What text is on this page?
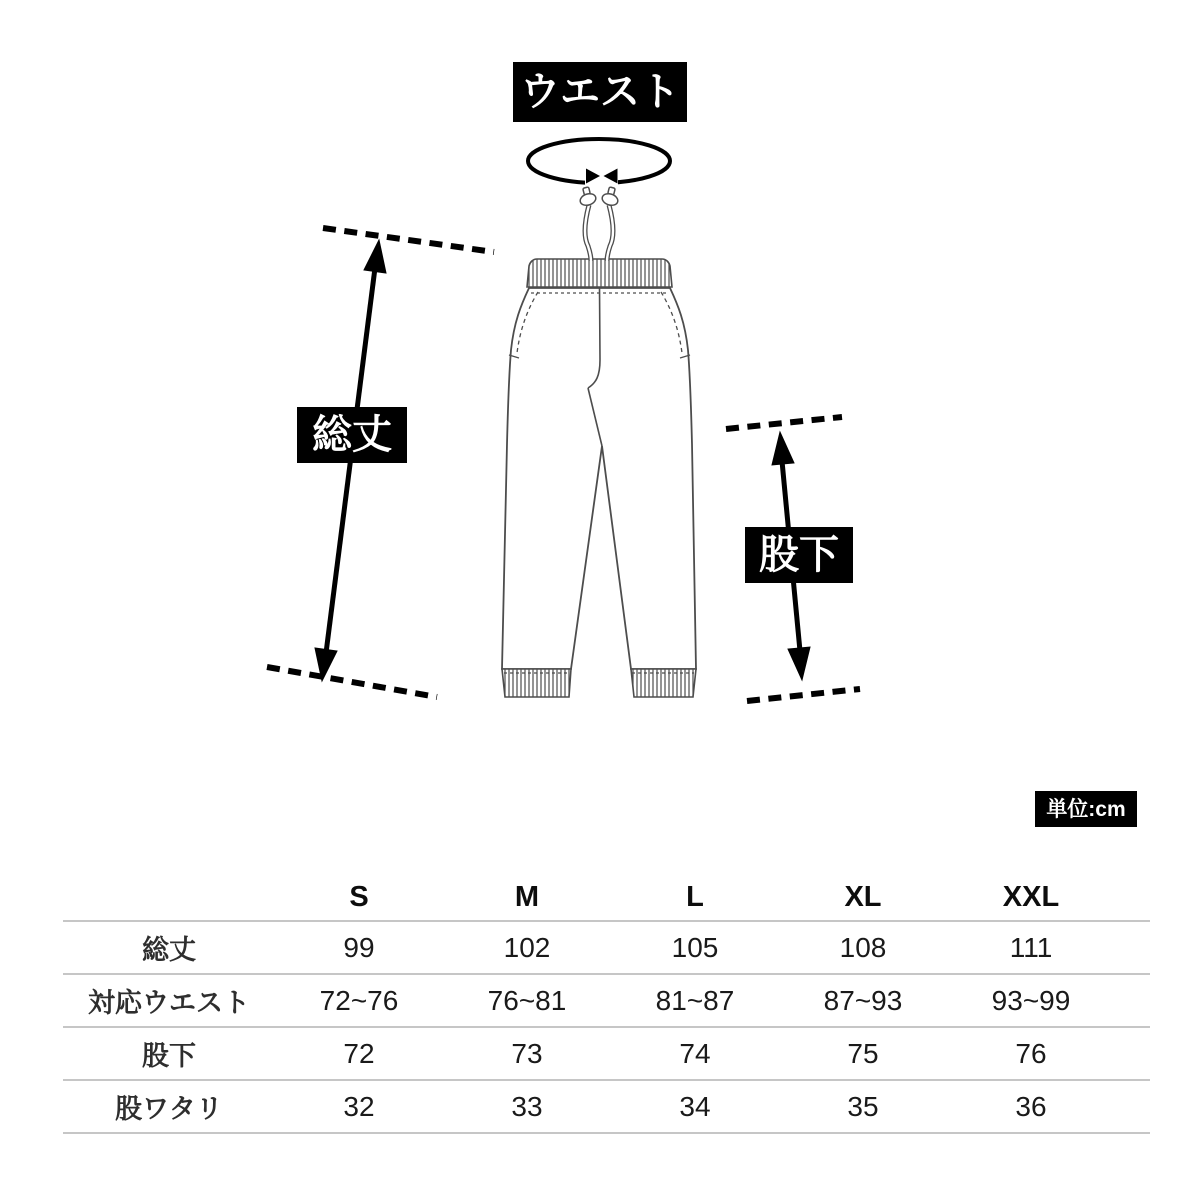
ウエスト
総丈
股下
単位:cm
	S	M	L	XL	XXL	
総丈	99	102	105	108	111	
対応ウエスト	72~76	76~81	81~87	87~93	93~99	
股下	72	73	74	75	76	
股ワタリ	32	33	34	35	36	
